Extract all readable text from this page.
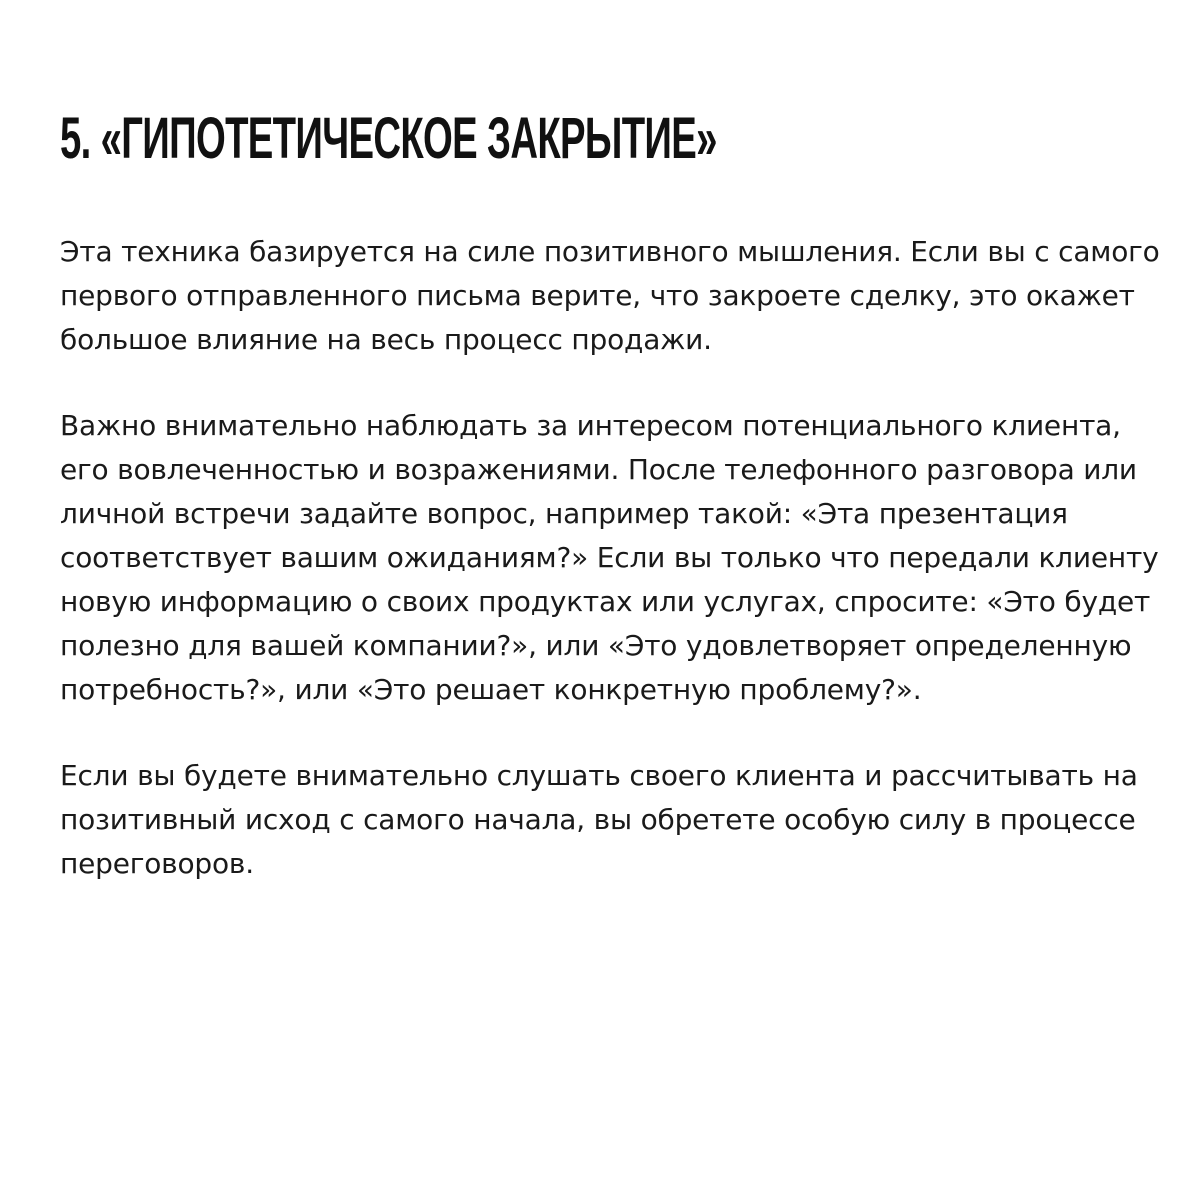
5. «ГИПОТЕТИЧЕСКОЕ ЗАКРЫТИЕ»

Эта техника базируется на силе позитивного мышления. Если вы с самого первого отправленного письма верите, что закроете сделку, это окажет большое влияние на весь процесс продажи.

Важно внимательно наблюдать за интересом потенциального клиента, его вовлеченностью и возражениями. После телефонного разговора или личной встречи задайте вопрос, например такой: «Эта презентация соответствует вашим ожиданиям?» Если вы только что передали клиенту новую информацию о своих продуктах или услугах, спросите: «Это будет полезно для вашей компании?», или «Это удовлетворяет определенную потребность?», или «Это решает конкретную проблему?».

Если вы будете внимательно слушать своего клиента и рассчитывать на позитивный исход с самого начала, вы обретете особую силу в процессе переговоров.
